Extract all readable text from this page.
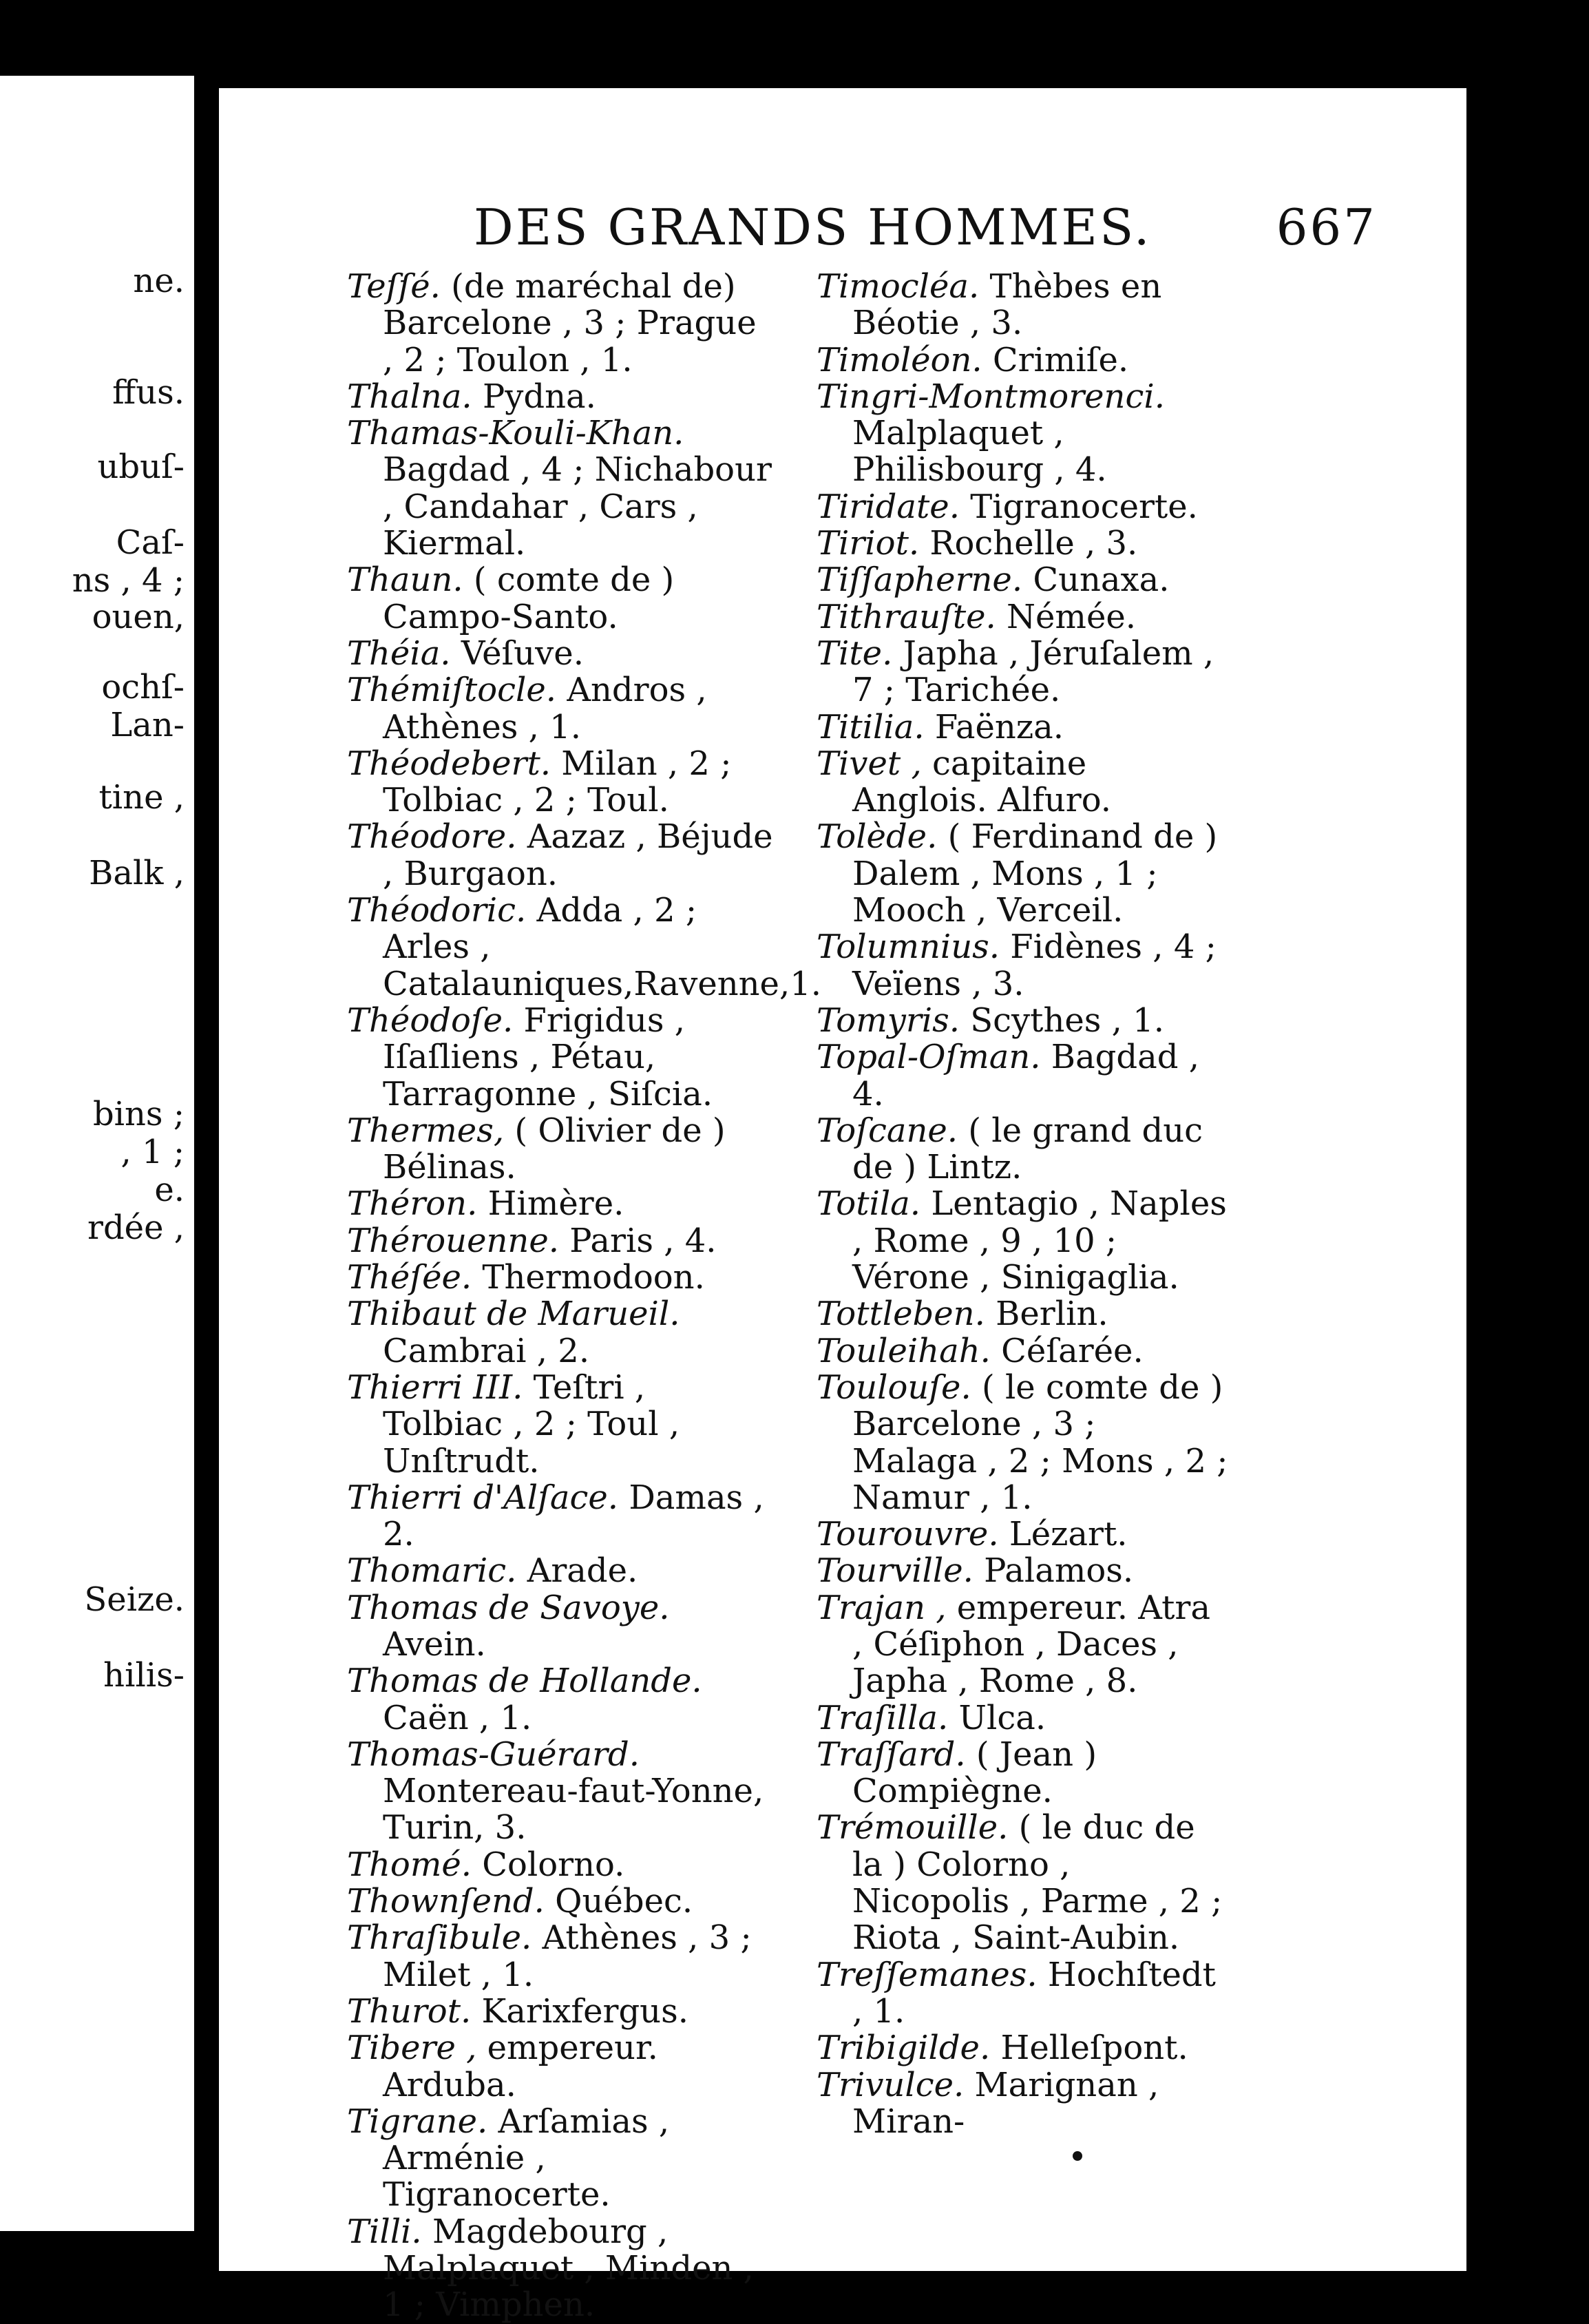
ne.
ffus.
ubuſ-
Caſ-
ns , 4 ;
ouen,
ochſ-
Lan-
tine ,
Balk ,
bins ;
, 1 ;
e.
rdée ,
Seize.
hilis-
DES GRANDS HOMMES.	667

Teſſé. (de maréchal de) Barcelone , 3 ; Prague , 2 ; Toulon , 1.

Thalna. Pydna.

Thamas-Kouli-Khan. Bagdad , 4 ; Nichabour , Candahar , Cars , Kiermal.

Thaun. ( comte de ) Campo-Santo.

Théia. Véſuve.

Thémiſtocle. Andros , Athènes , 1.

Théodebert. Milan , 2 ; Tolbiac , 2 ; Toul.

Théodore. Aazaz , Béjude , Burgaon.

Théodoric. Adda , 2 ; Arles , Catalauniques,Ravenne,1.

Théodoſe. Frigidus , Iſaſliens , Pétau, Tarragonne , Siſcia.

Thermes, ( Olivier de ) Bélinas.

Théron. Himère.

Thérouenne. Paris , 4.

Théſée. Thermodoon.

Thibaut de Marueil. Cambrai , 2.

Thierri III. Teſtri , Tolbiac , 2 ; Toul , Unſtrudt.

Thierri d'Alſace. Damas , 2.

Thomaric. Arade.

Thomas de Savoye. Avein.

Thomas de Hollande. Caën , 1.

Thomas-Guérard. Montereau-faut-Yonne, Turin, 3.

Thomé. Colorno.

Thownſend. Québec.

Thraſibule. Athènes , 3 ; Milet , 1.

Thurot. Karixfergus.

Tibere , empereur. Arduba.

Tigrane. Arſamias , Arménie , Tigranocerte.

Tilli. Magdebourg , Malplaquet , Minden , 1 ; Vimphen.

Timocléa. Thèbes en Béotie , 3.

Timoléon. Crimiſe.

Tingri-Montmorenci. Malplaquet , Philisbourg , 4.

Tiridate. Tigranocerte.

Tiriot. Rochelle , 3.

Tiſſapherne. Cunaxa.

Tithrauſte. Némée.

Tite. Japha , Jéruſalem , 7 ; Tarichée.

Titilia. Faënza.

Tivet , capitaine Anglois. Alfuro.

Tolède. ( Ferdinand de ) Dalem , Mons , 1 ; Mooch , Verceil.

Tolumnius. Fidènes , 4 ; Veïens , 3.

Tomyris. Scythes , 1.

Topal-Oſman. Bagdad , 4.

Toſcane. ( le grand duc de ) Lintz.

Totila. Lentagio , Naples , Rome , 9 , 10 ; Vérone , Sinigaglia.

Tottleben. Berlin.

Touleihah. Céſarée.

Toulouſe. ( le comte de ) Barcelone , 3 ; Malaga , 2 ; Mons , 2 ; Namur , 1.

Tourouvre. Lézart.

Tourville. Palamos.

Trajan , empereur. Atra , Céſiphon , Daces , Japha , Rome , 8.

Traſilla. Ulca.

Traſſard. ( Jean ) Compiègne.

Trémouille. ( le duc de la ) Colorno , Nicopolis , Parme , 2 ; Riota , Saint-Aubin.

Treſſemanes. Hochſtedt , 1.

Tribigilde. Helleſpont.

Trivulce. Marignan , Miran-
